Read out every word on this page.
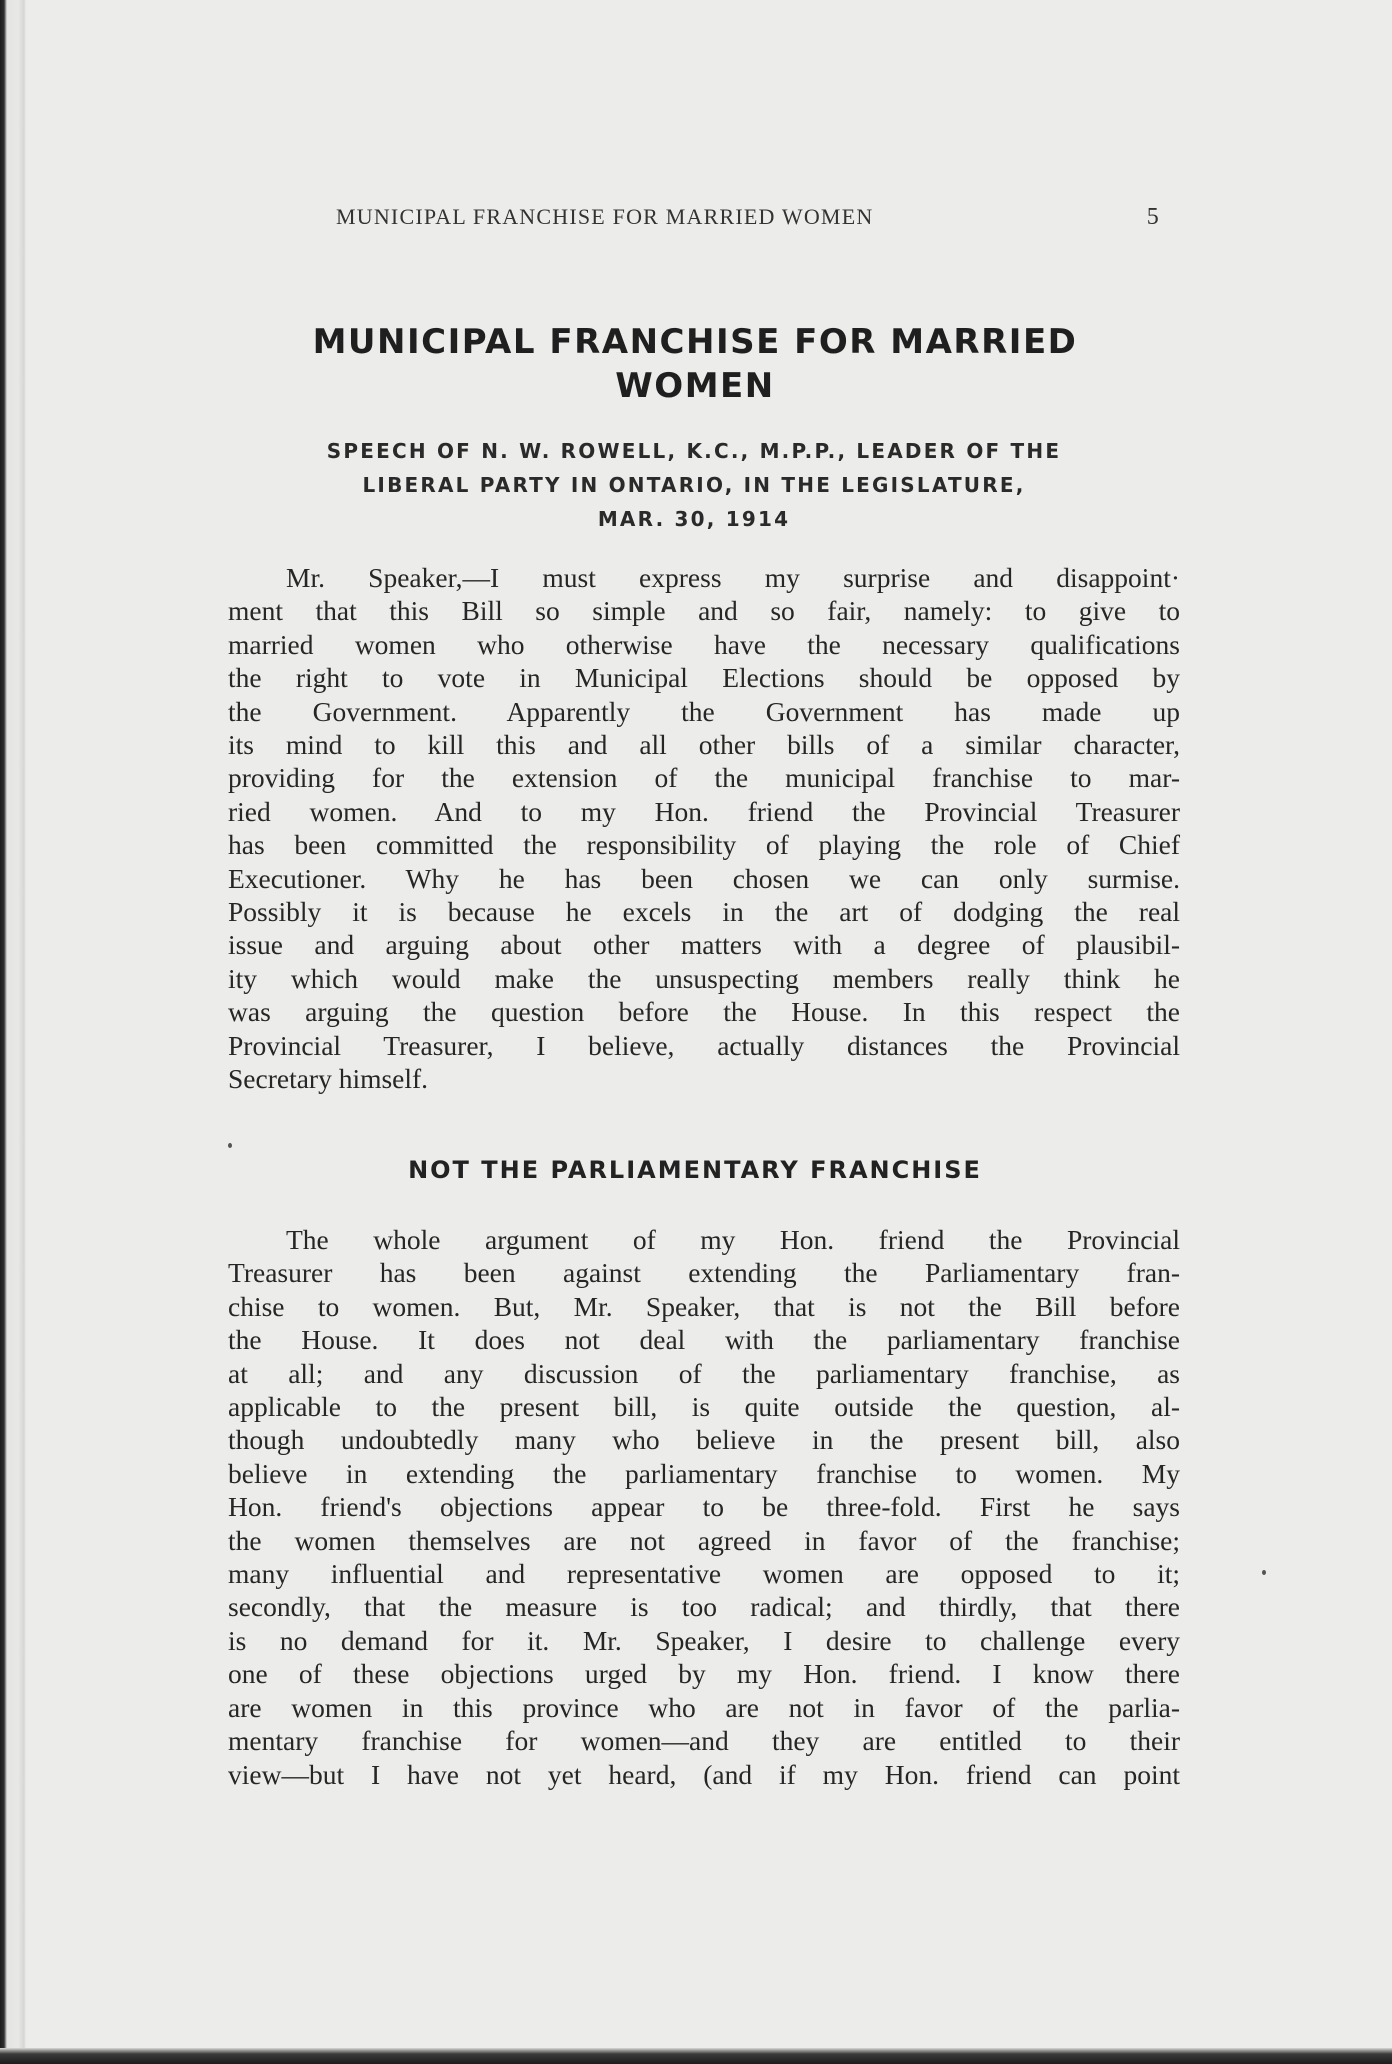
MUNICIPAL FRANCHISE FOR MARRIED WOMEN	5
MUNICIPAL FRANCHISE FOR MARRIED
WOMEN
SPEECH OF N. W. ROWELL, K.C., M.P.P., LEADER OF THE
LIBERAL PARTY IN ONTARIO, IN THE LEGISLATURE,
MAR. 30, 1914
Mr. Speaker,—I must express my surprise and disappoint·
ment that this Bill so simple and so fair, namely: to give to
married women who otherwise have the necessary qualifications
the right to vote in Municipal Elections should be opposed by
the Government. Apparently the Government has made up
its mind to kill this and all other bills of a similar character,
providing for the extension of the municipal franchise to mar-
ried women. And to my Hon. friend the Provincial Treasurer
has been committed the responsibility of playing the role of Chief
Executioner. Why he has been chosen we can only surmise.
Possibly it is because he excels in the art of dodging the real
issue and arguing about other matters with a degree of plausibil-
ity which would make the unsuspecting members really think he
was arguing the question before the House. In this respect the
Provincial Treasurer, I believe, actually distances the Provincial
Secretary himself.
NOT THE PARLIAMENTARY FRANCHISE
The whole argument of my Hon. friend the Provincial
Treasurer has been against extending the Parliamentary fran-
chise to women. But, Mr. Speaker, that is not the Bill before
the House. It does not deal with the parliamentary franchise
at all; and any discussion of the parliamentary franchise, as
applicable to the present bill, is quite outside the question, al-
though undoubtedly many who believe in the present bill, also
believe in extending the parliamentary franchise to women. My
Hon. friend's objections appear to be three-fold. First he says
the women themselves are not agreed in favor of the franchise;
many influential and representative women are opposed to it;
secondly, that the measure is too radical; and thirdly, that there
is no demand for it. Mr. Speaker, I desire to challenge every
one of these objections urged by my Hon. friend. I know there
are women in this province who are not in favor of the parlia-
mentary franchise for women—and they are entitled to their
view—but I have not yet heard, (and if my Hon. friend can point
